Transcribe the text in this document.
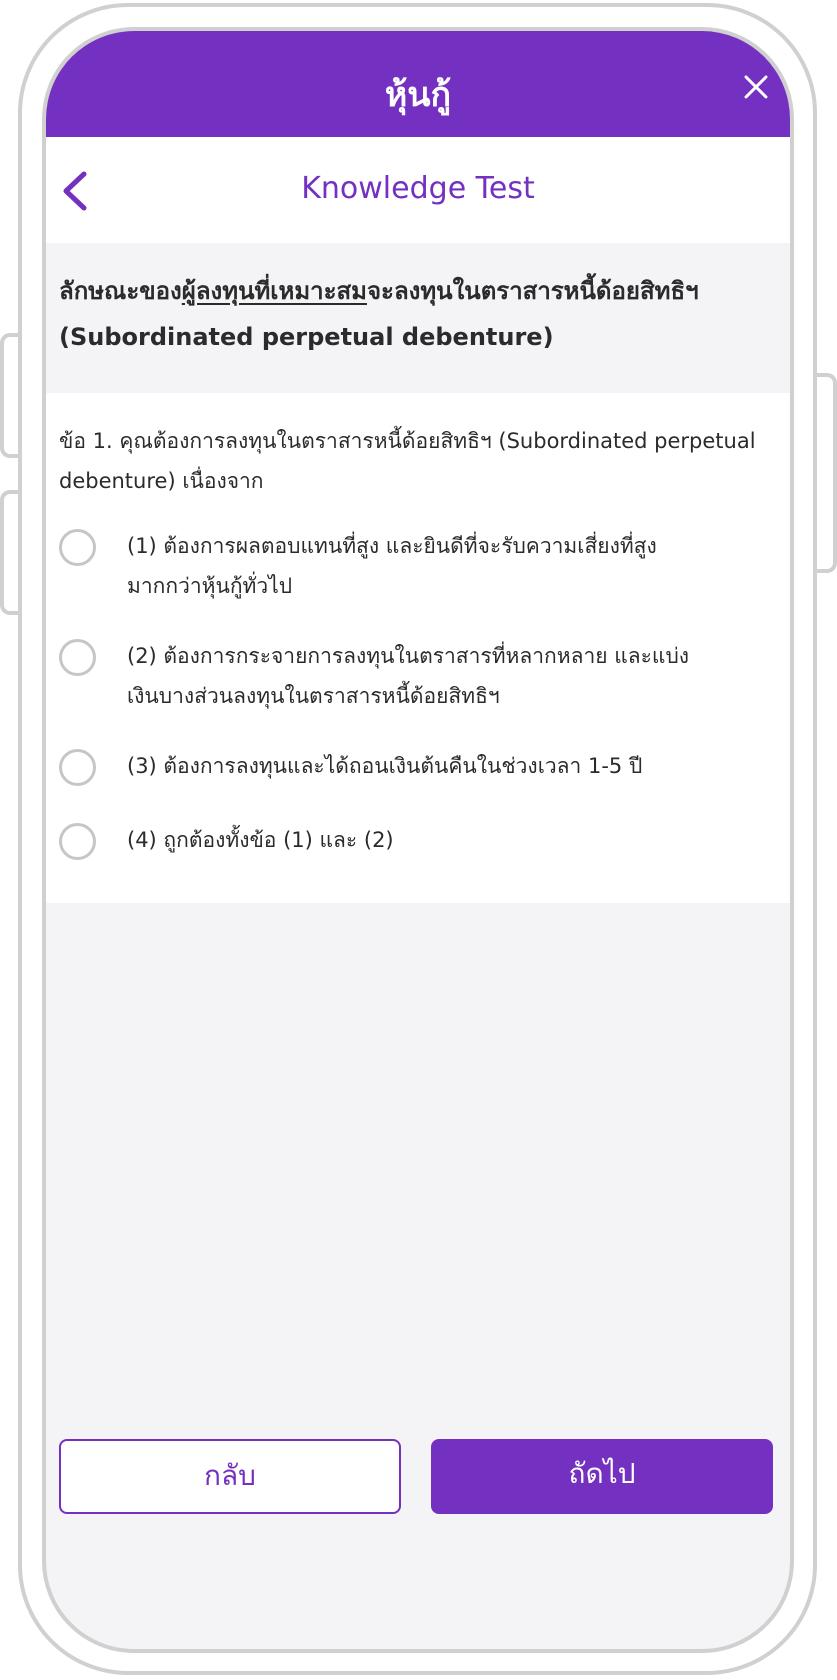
หุ้นกู้
Knowledge Test
ลักษณะของผู้ลงทุนที่เหมาะสมจะลงทุนในตราสารหนี้ด้อยสิทธิฯ
(Subordinated perpetual debenture)
ข้อ 1. คุณต้องการลงทุนในตราสารหนี้ด้อยสิทธิฯ (Subordinated perpetual debenture) เนื่องจาก
(1) ต้องการผลตอบแทนที่สูง และยินดีที่จะรับความเสี่ยงที่สูงมากกว่าหุ้นกู้ทั่วไป
(2) ต้องการกระจายการลงทุนในตราสารที่หลากหลาย และแบ่งเงินบางส่วนลงทุนในตราสารหนี้ด้อยสิทธิฯ
(3) ต้องการลงทุนและได้ถอนเงินต้นคืนในช่วงเวลา 1-5 ปี
(4) ถูกต้องทั้งข้อ (1) และ (2)
กลับ	ถัดไป
